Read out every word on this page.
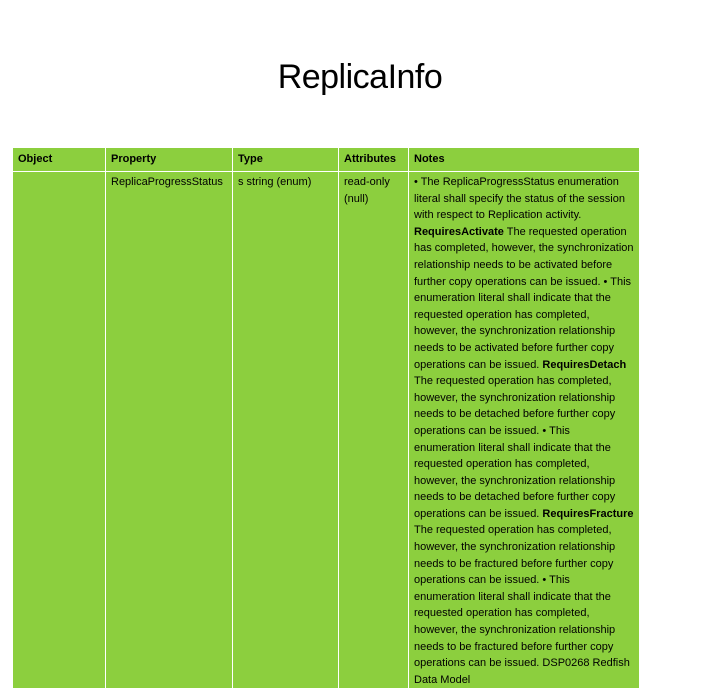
ReplicaInfo
Object	Property	Type	Attributes	Notes
	ReplicaProgressStatus	s string (enum)	read-only (null)	• The ReplicaProgressStatus enumeration literal shall specify the status of the session with respect to Replication activity. RequiresActivate The requested operation has completed, however, the synchronization relationship needs to be activated before further copy operations can be issued. • This enumeration literal shall indicate that the requested operation has completed, however, the synchronization relationship needs to be activated before further copy operations can be issued. RequiresDetach The requested operation has completed, however, the synchronization relationship needs to be detached before further copy operations can be issued. • This enumeration literal shall indicate that the requested operation has completed, however, the synchronization relationship needs to be detached before further copy operations can be issued. RequiresFracture The requested operation has completed, however, the synchronization relationship needs to be fractured before further copy operations can be issued. • This enumeration literal shall indicate that the requested operation has completed, however, the synchronization relationship needs to be fractured before further copy operations can be issued. DSP0268 Redfish Data Model
